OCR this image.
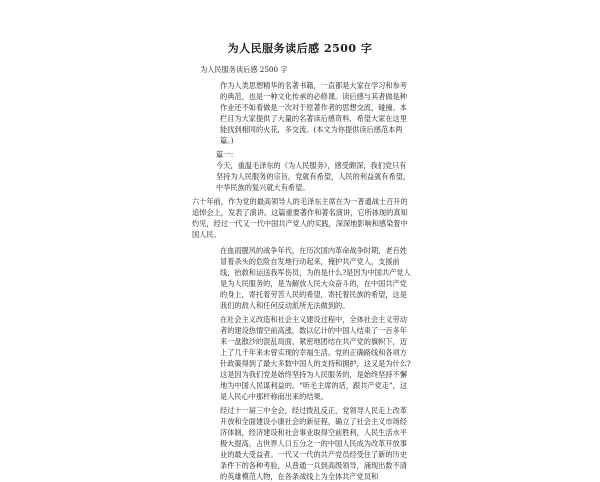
为人民服务读后感 2500 字

为人民服务读后感 2500 字

作为人类思想精华的名著书籍，一直都是大家在学习和参考的典范，也是一种文化传承的必修课。读后感与其者做是种作业还不如看做是一次对于原著作者的思想交流，碰撞。本栏目为大家提供了大量的名著读后感资料，希望大家在这里能找到相同的火花，多交流。(本文为你提供读后感范本两篇。)

篇一：

今天，重温毛泽东的《为人民服务》，感受颇深，我们党只有坚持为人民服务的宗旨，党就有希望，人民的利益就有希望，中华民族的复兴就大有希望。

六十年前，作为党的最高领导人的毛泽东主席在为一普通战士召开的追悼会上，发表了演讲。这篇重要著作和著名演讲，它所体现的真知灼见，经过一代又一代中国共产党人的实践，深深地影响和感染着中国人民。

在血雨腥风的战争年代，在历次国内革命战争时期，老百姓冒着杀头的危险自发地行动起来，掩护共产党人，支援前线，抬救和运送我军伤员，为的是什么?是因为中国共产党人是为人民服务的，是为解放人民大众奋斗的，在中国共产党的身上，寄托着劳苦人民的希望，寄托着民族的希望，这是我们的敌人和任何反动派所无法做到的。

在社会主义改造和社会主义建设过程中，全体社会主义劳动者的建设热情空前高涨，数以亿计的中国人结束了一百多年来一盘散沙的混乱局面，紧密地团结在共产党的旗帜下，迈上了几千年来未曾实现的幸福生活。党的正确路线和各项方针政策得到了最大多数中国人的支持和拥护，这又是为什么?这是因为我们党是始终坚持为人民服务的，是始终坚持不懈地为中国人民谋利益的。“听毛主席的话，跟共产党走”，这是人民心中那杆称而出来的结果。

经过十一届三中全会，经过拨乱反正，党领导人民走上改革开放和全面建设小康社会的新征程，确立了社会主义市场经济体制，经济建设和社会事业取得空前胜利，人民生活水平极大提高，占世界人口五分之一的中国人民成为改革开放事业的最大受益者。一代又一代的共产党员经受住了新的历史条件下的各种考验，从普通一兵到高级领导，涌现出数不清的英雄模范人物，在各条战线上为全体共产党员和
